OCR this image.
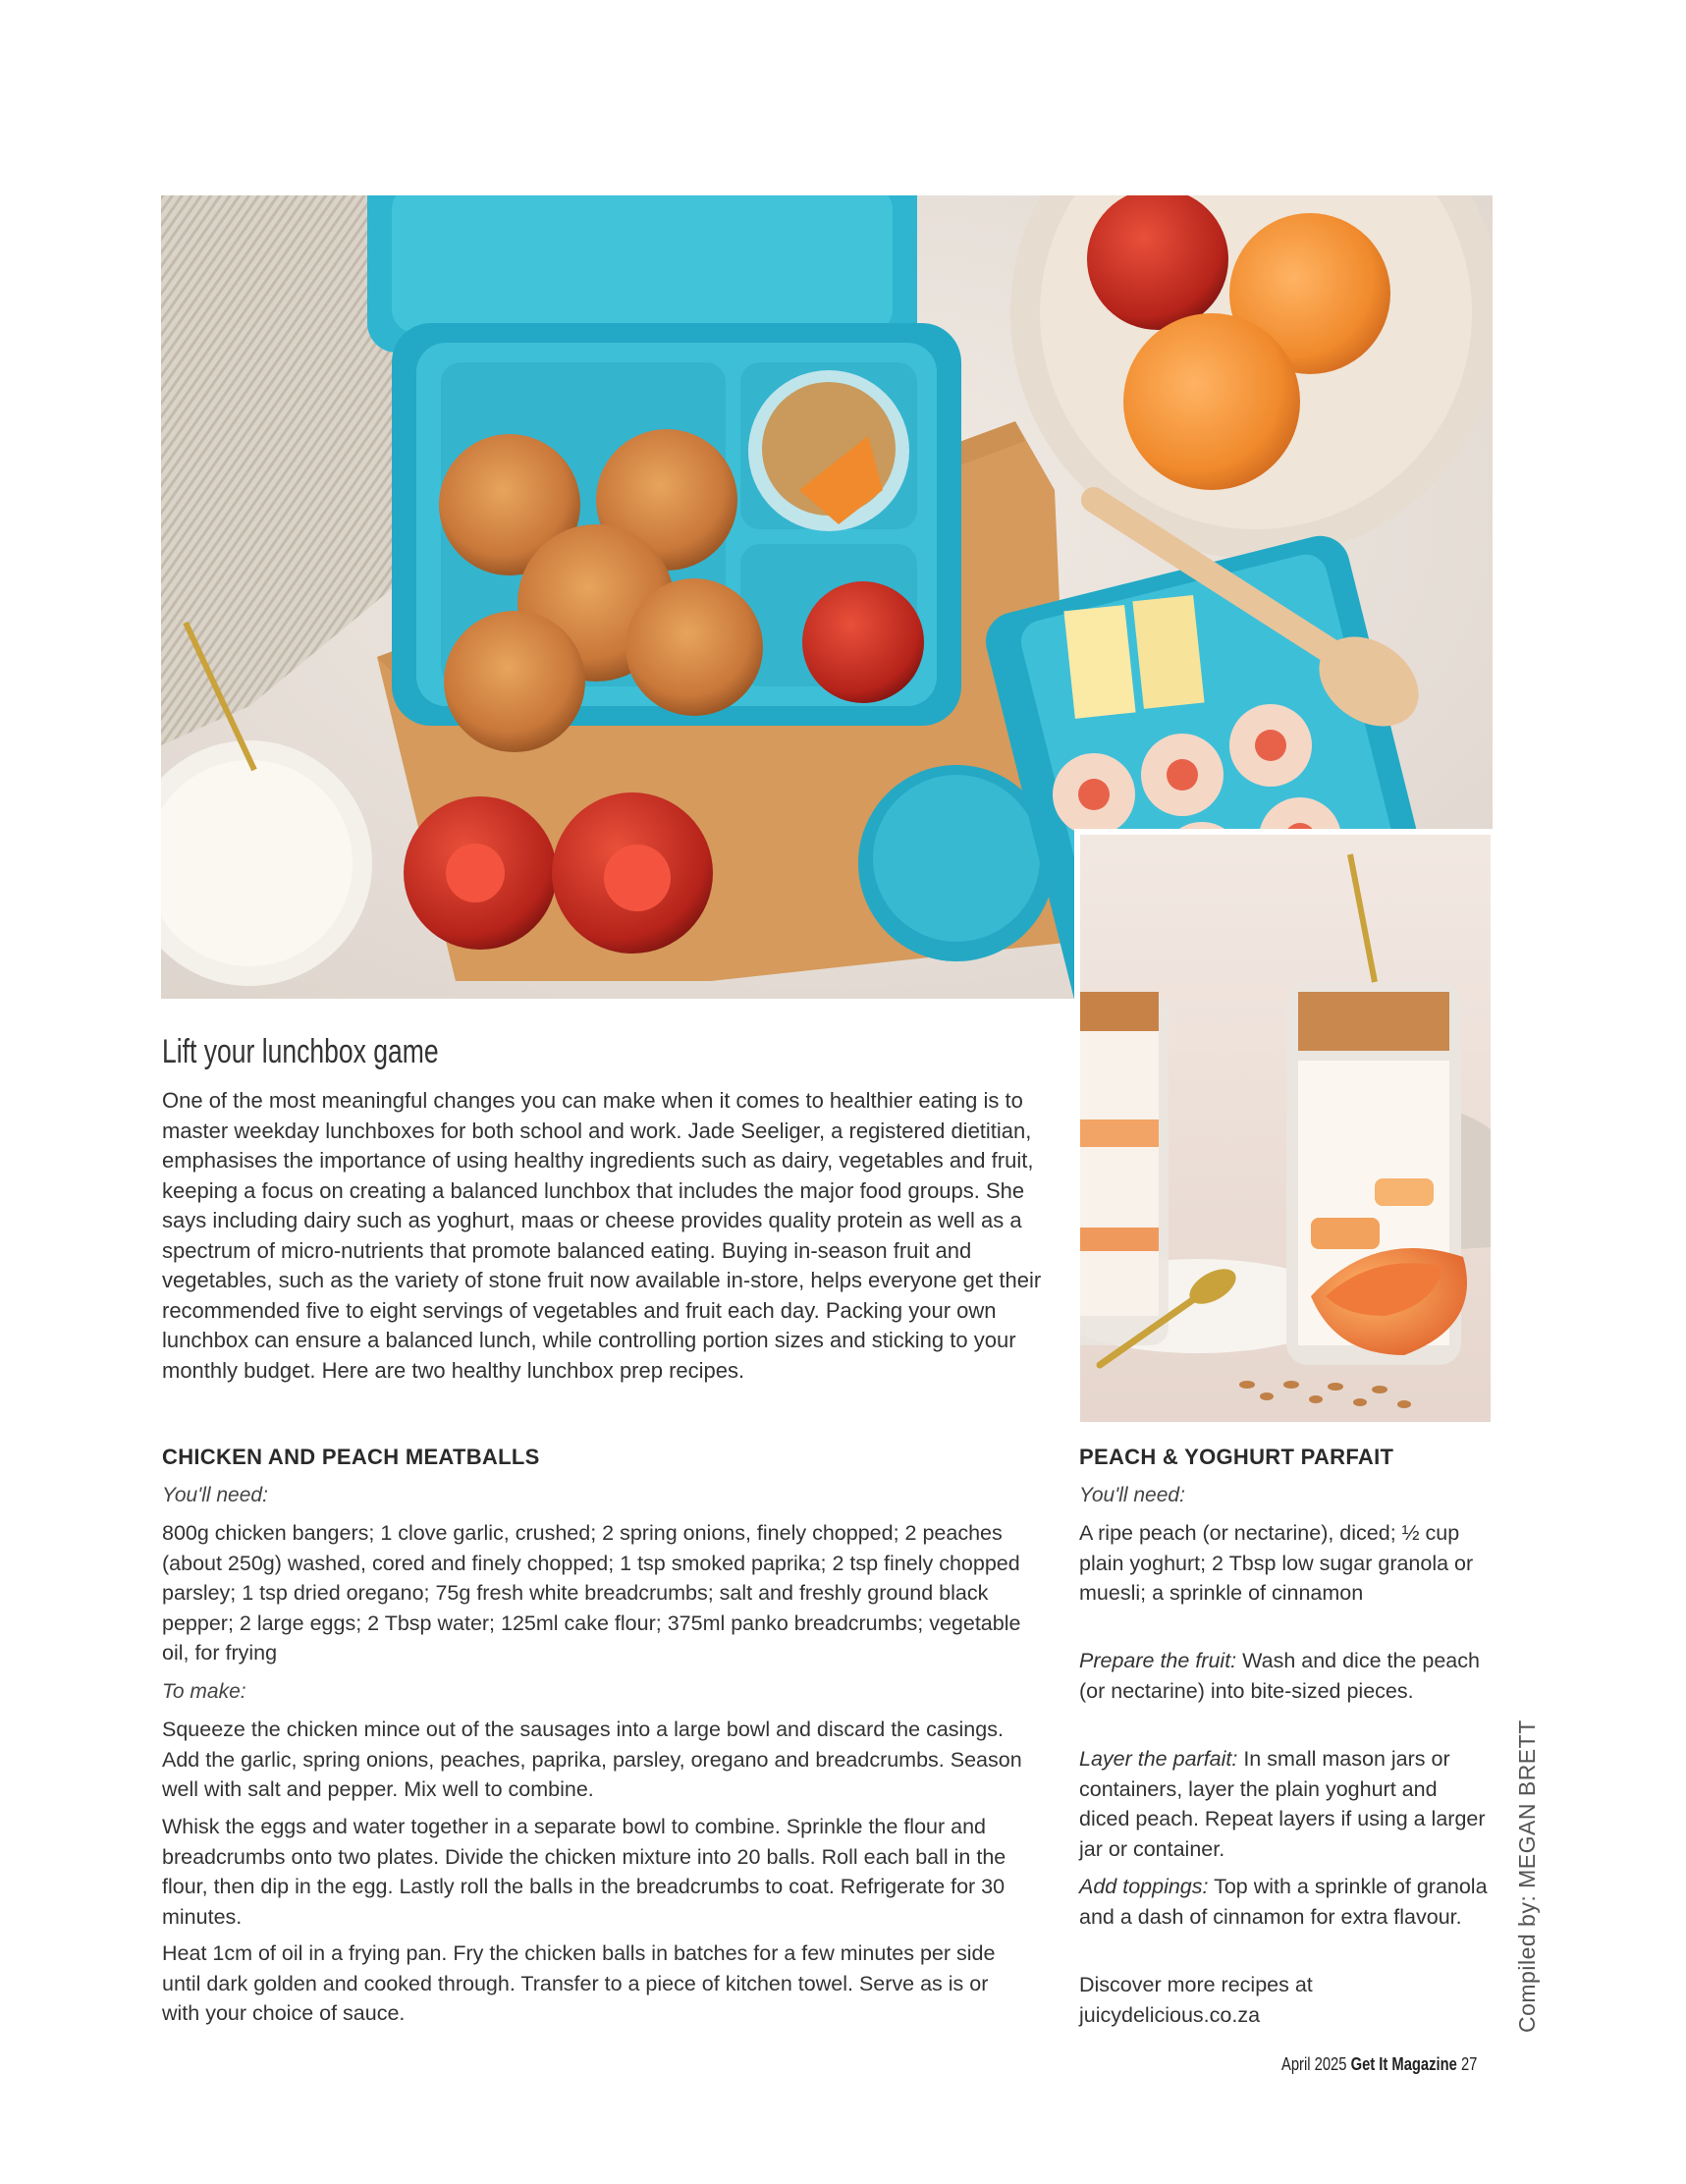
Lift your lunchbox game

One of the most meaningful changes you can make when it comes to healthier eating is to master weekday lunchboxes for both school and work. Jade Seeliger, a registered dietitian, emphasises the importance of using healthy ingredients such as dairy, vegetables and fruit, keeping a focus on creating a balanced lunchbox that includes the major food groups. She says including dairy such as yoghurt, maas or cheese provides quality protein as well as a spectrum of micro-nutrients that promote balanced eating. Buying in-season fruit and vegetables, such as the variety of stone fruit now available in-store, helps everyone get their recommended five to eight servings of vegetables and fruit each day. Packing your own lunchbox can ensure a balanced lunch, while controlling portion sizes and sticking to your monthly budget. Here are two healthy lunchbox prep recipes.

CHICKEN AND PEACH MEATBALLS
You'll need:

800g chicken bangers; 1 clove garlic, crushed; 2 spring onions, finely chopped; 2 peaches (about 250g) washed, cored and finely chopped; 1 tsp smoked paprika; 2 tsp finely chopped parsley; 1 tsp dried oregano; 75g fresh white breadcrumbs; salt and freshly ground black pepper; 2 large eggs; 2 Tbsp water; 125ml cake flour; 375ml panko breadcrumbs; vegetable oil, for frying

To make:

Squeeze the chicken mince out of the sausages into a large bowl and discard the casings. Add the garlic, spring onions, peaches, paprika, parsley, oregano and breadcrumbs. Season well with salt and pepper. Mix well to combine.

Whisk the eggs and water together in a separate bowl to combine. Sprinkle the flour and breadcrumbs onto two plates. Divide the chicken mixture into 20 balls. Roll each ball in the flour, then dip in the egg. Lastly roll the balls in the breadcrumbs to coat. Refrigerate for 30 minutes.

Heat 1cm of oil in a frying pan. Fry the chicken balls in batches for a few minutes per side until dark golden and cooked through. Transfer to a piece of kitchen towel. Serve as is or with your choice of sauce.

PEACH & YOGHURT PARFAIT
You'll need:

A ripe peach (or nectarine), diced; ½ cup plain yoghurt; 2 Tbsp low sugar granola or muesli; a sprinkle of cinnamon

Prepare the fruit: Wash and dice the peach (or nectarine) into bite-sized pieces.

Layer the parfait: In small mason jars or containers, layer the plain yoghurt and diced peach. Repeat layers if using a larger jar or container.

Add toppings: Top with a sprinkle of granola and a dash of cinnamon for extra flavour.

Discover more recipes at juicydelicious.co.za	Compiled by: MEGAN BRETT
April 2025 Get It Magazine 27
